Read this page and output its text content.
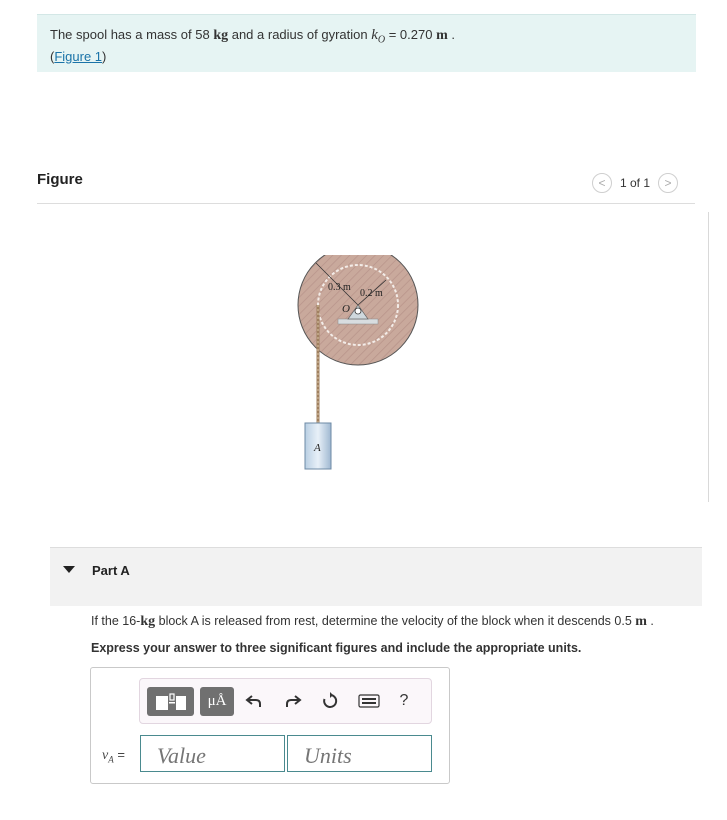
The spool has a mass of 58 kg and a radius of gyration $k_O = 0.270$ m .
(Figure 1)
Figure	< 1 of 1 >
0.3 m
0.2 m
O
A
Part A
If the 16-kg block A is released from rest, determine the velocity of the block when it descends 0.5 m .
Express your answer to three significant figures and include the appropriate units.
μÅ	?
$v_A$ =
Value
Units
